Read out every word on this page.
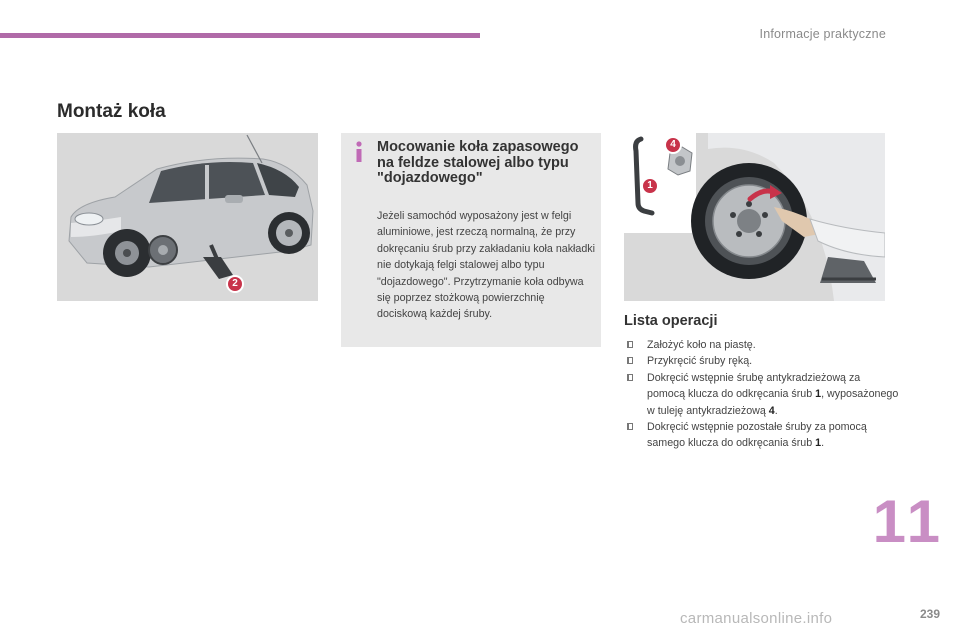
Informacje praktyczne
Montaż koła
2
Mocowanie koła zapasowego na feldze stalowej albo typu "dojazdowego"

Jeżeli samochód wyposażony jest w felgi aluminiowe, jest rzeczą normalną, że przy dokręcaniu śrub przy zakładaniu koła nakładki nie dotykają felgi stalowej albo typu "dojazdowego". Przytrzymanie koła odbywa się poprzez stożkową powierzchnię dociskową każdej śruby.

4
1
Lista operacji
Założyć koło na piastę.
Przykręcić śruby ręką.
Dokręcić wstępnie śrubę antykradzieżową za pomocą klucza do odkręcania śrub 1, wyposażonego w tuleję antykradzieżową 4.
Dokręcić wstępnie pozostałe śruby za pomocą samego klucza do odkręcania śrub 1.
11
carmanualsonline.info	239
